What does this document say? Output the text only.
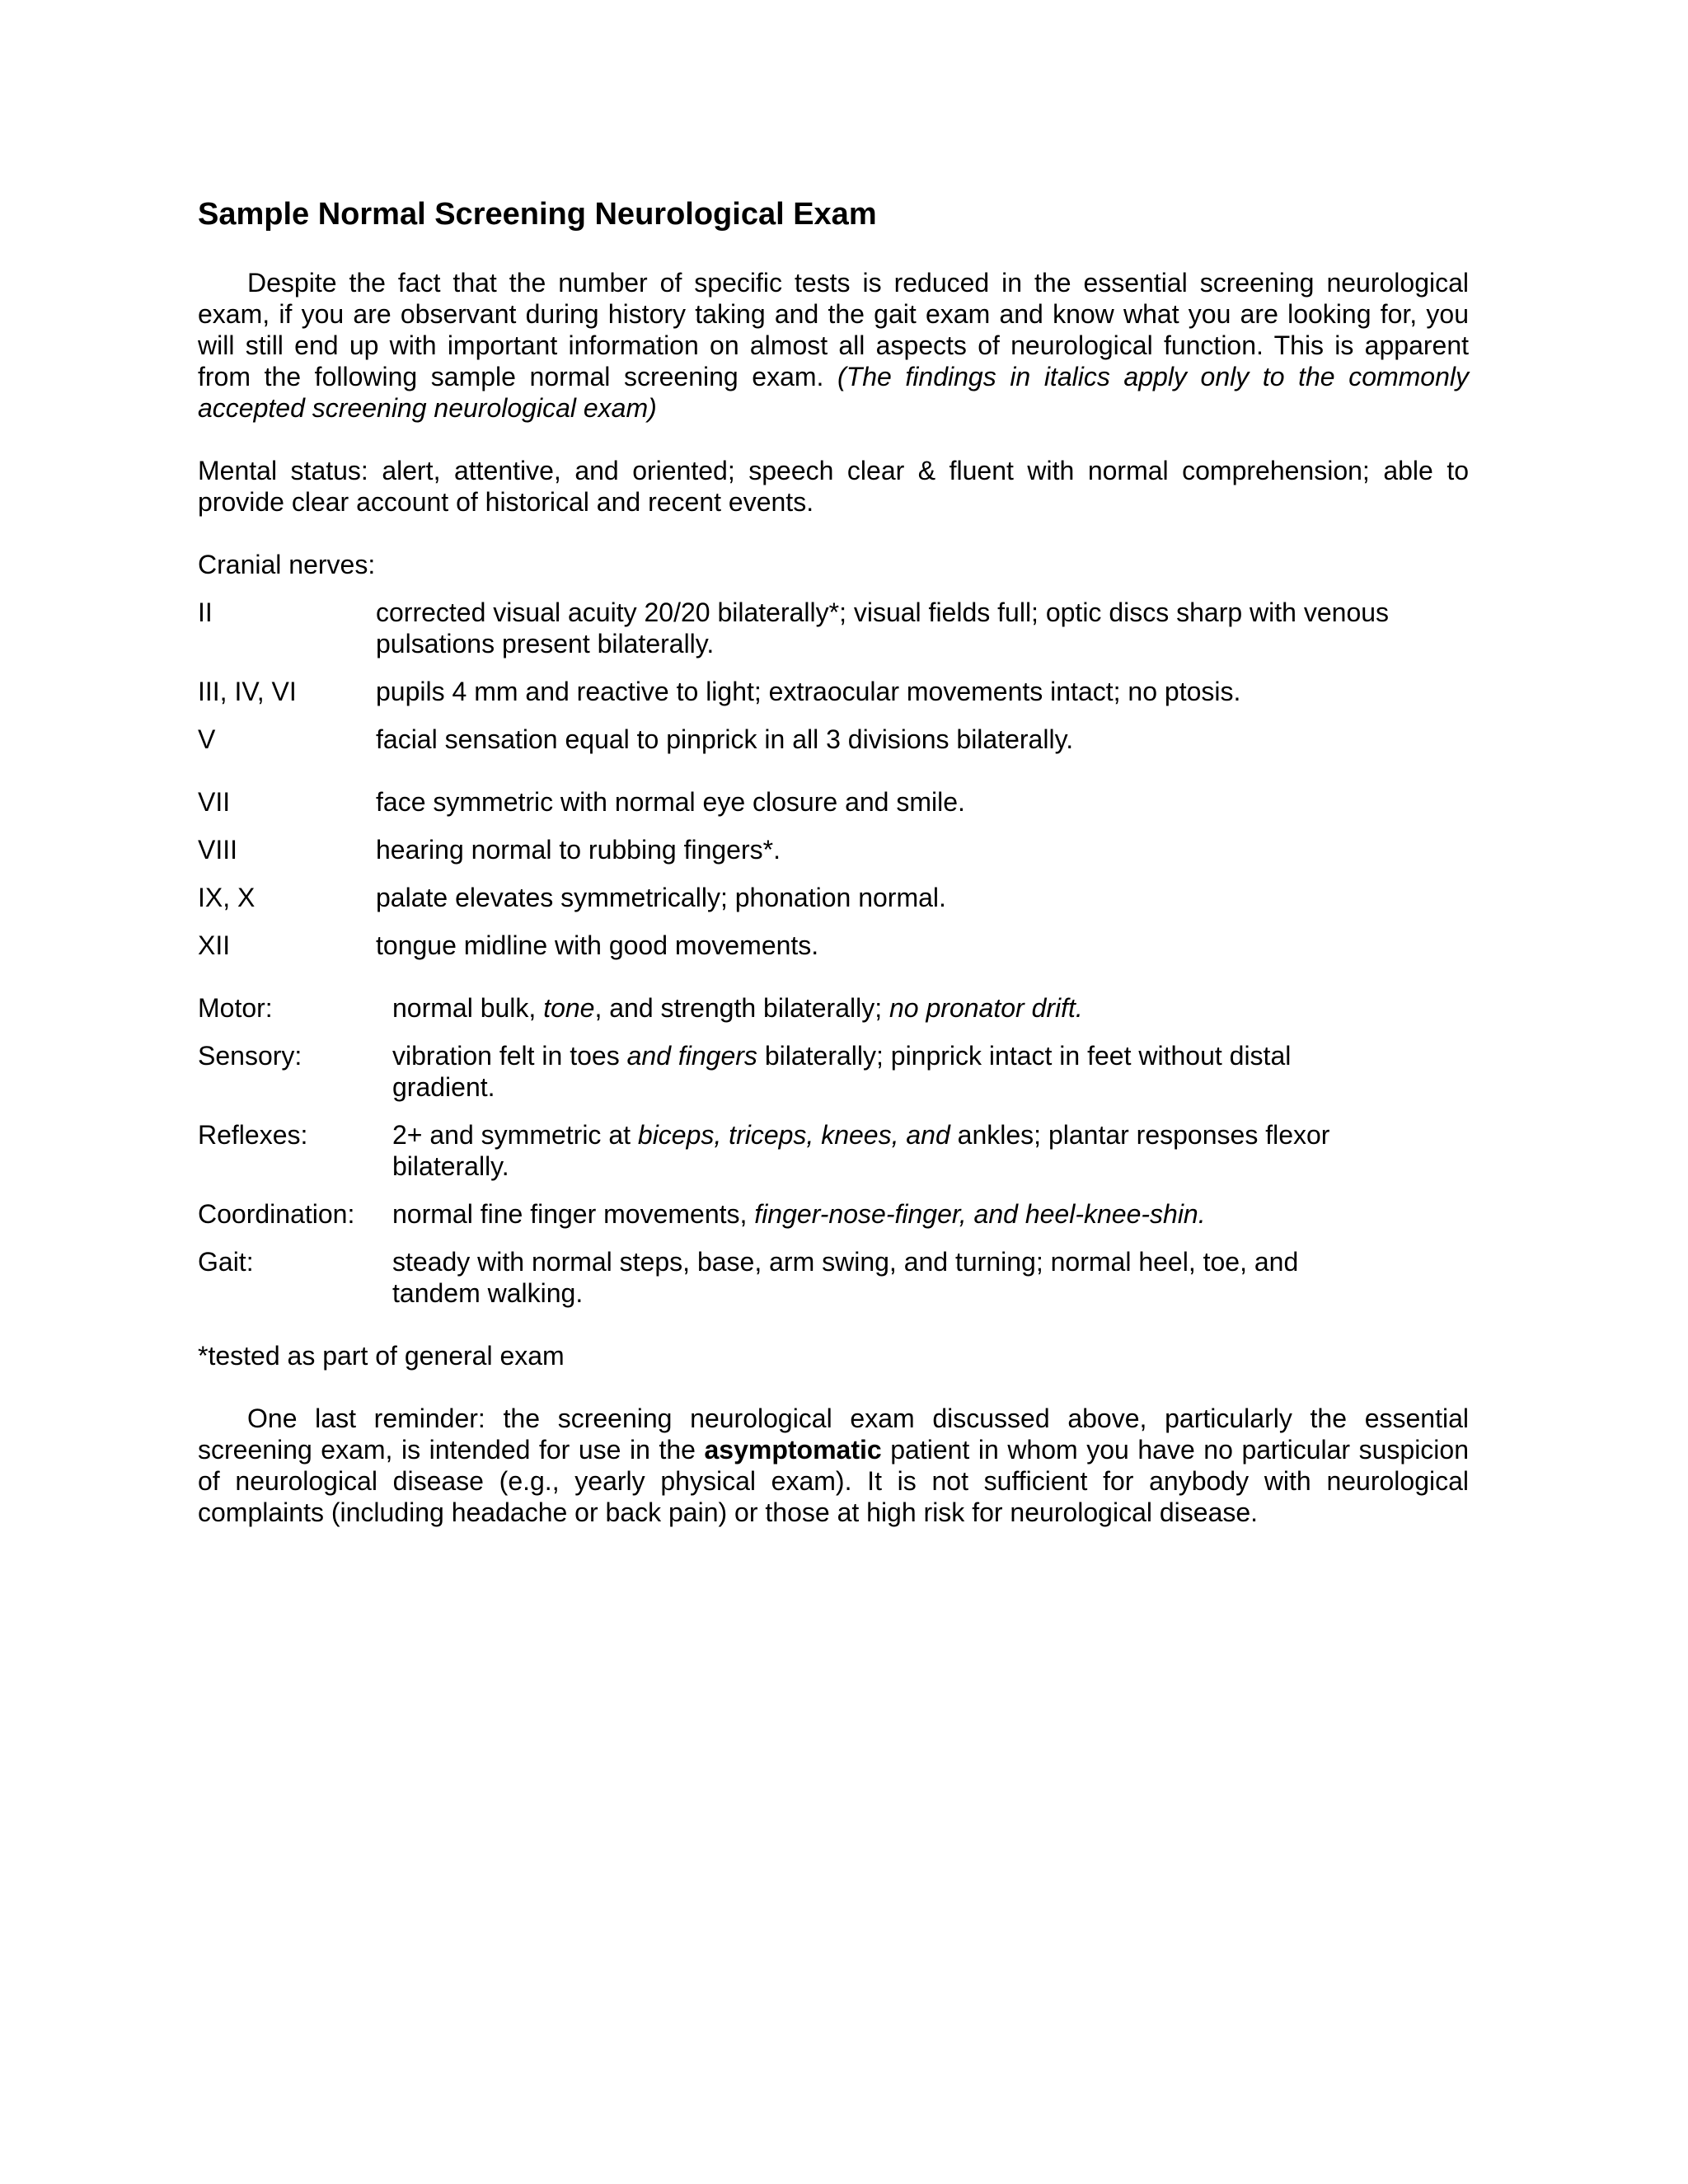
Sample Normal Screening Neurological Exam

Despite the fact that the number of specific tests is reduced in the essential screening neurological exam, if you are observant during history taking and the gait exam and know what you are looking for, you will still end up with important information on almost all aspects of neurological function. This is apparent from the following sample normal screening exam. (The findings in italics apply only to the commonly accepted screening neurological exam)

Mental status: alert, attentive, and oriented; speech clear & fluent with normal comprehension; able to provide clear account of historical and recent events.

Cranial nerves:

II	corrected visual acuity 20/20 bilaterally*; visual fields full; optic discs sharp with venous pulsations present bilaterally.
III, IV, VI	pupils 4 mm and reactive to light; extraocular movements intact; no ptosis.
V	facial sensation equal to pinprick in all 3 divisions bilaterally.
VII	face symmetric with normal eye closure and smile.
VIII	hearing normal to rubbing fingers*.
IX, X	palate elevates symmetrically; phonation normal.
XII	tongue midline with good movements.
Motor:	normal bulk, tone, and strength bilaterally; no pronator drift.
Sensory:	vibration felt in toes and fingers bilaterally; pinprick intact in feet without distal gradient.
Reflexes:	2+ and symmetric at biceps, triceps, knees, and ankles; plantar responses flexor bilaterally.
Coordination:	normal fine finger movements, finger-nose-finger, and heel-knee-shin.
Gait:	steady with normal steps, base, arm swing, and turning; normal heel, toe, and tandem walking.

*tested as part of general exam

One last reminder: the screening neurological exam discussed above, particularly the essential screening exam, is intended for use in the asymptomatic patient in whom you have no particular suspicion of neurological disease (e.g., yearly physical exam). It is not sufficient for anybody with neurological complaints (including headache or back pain) or those at high risk for neurological disease.
